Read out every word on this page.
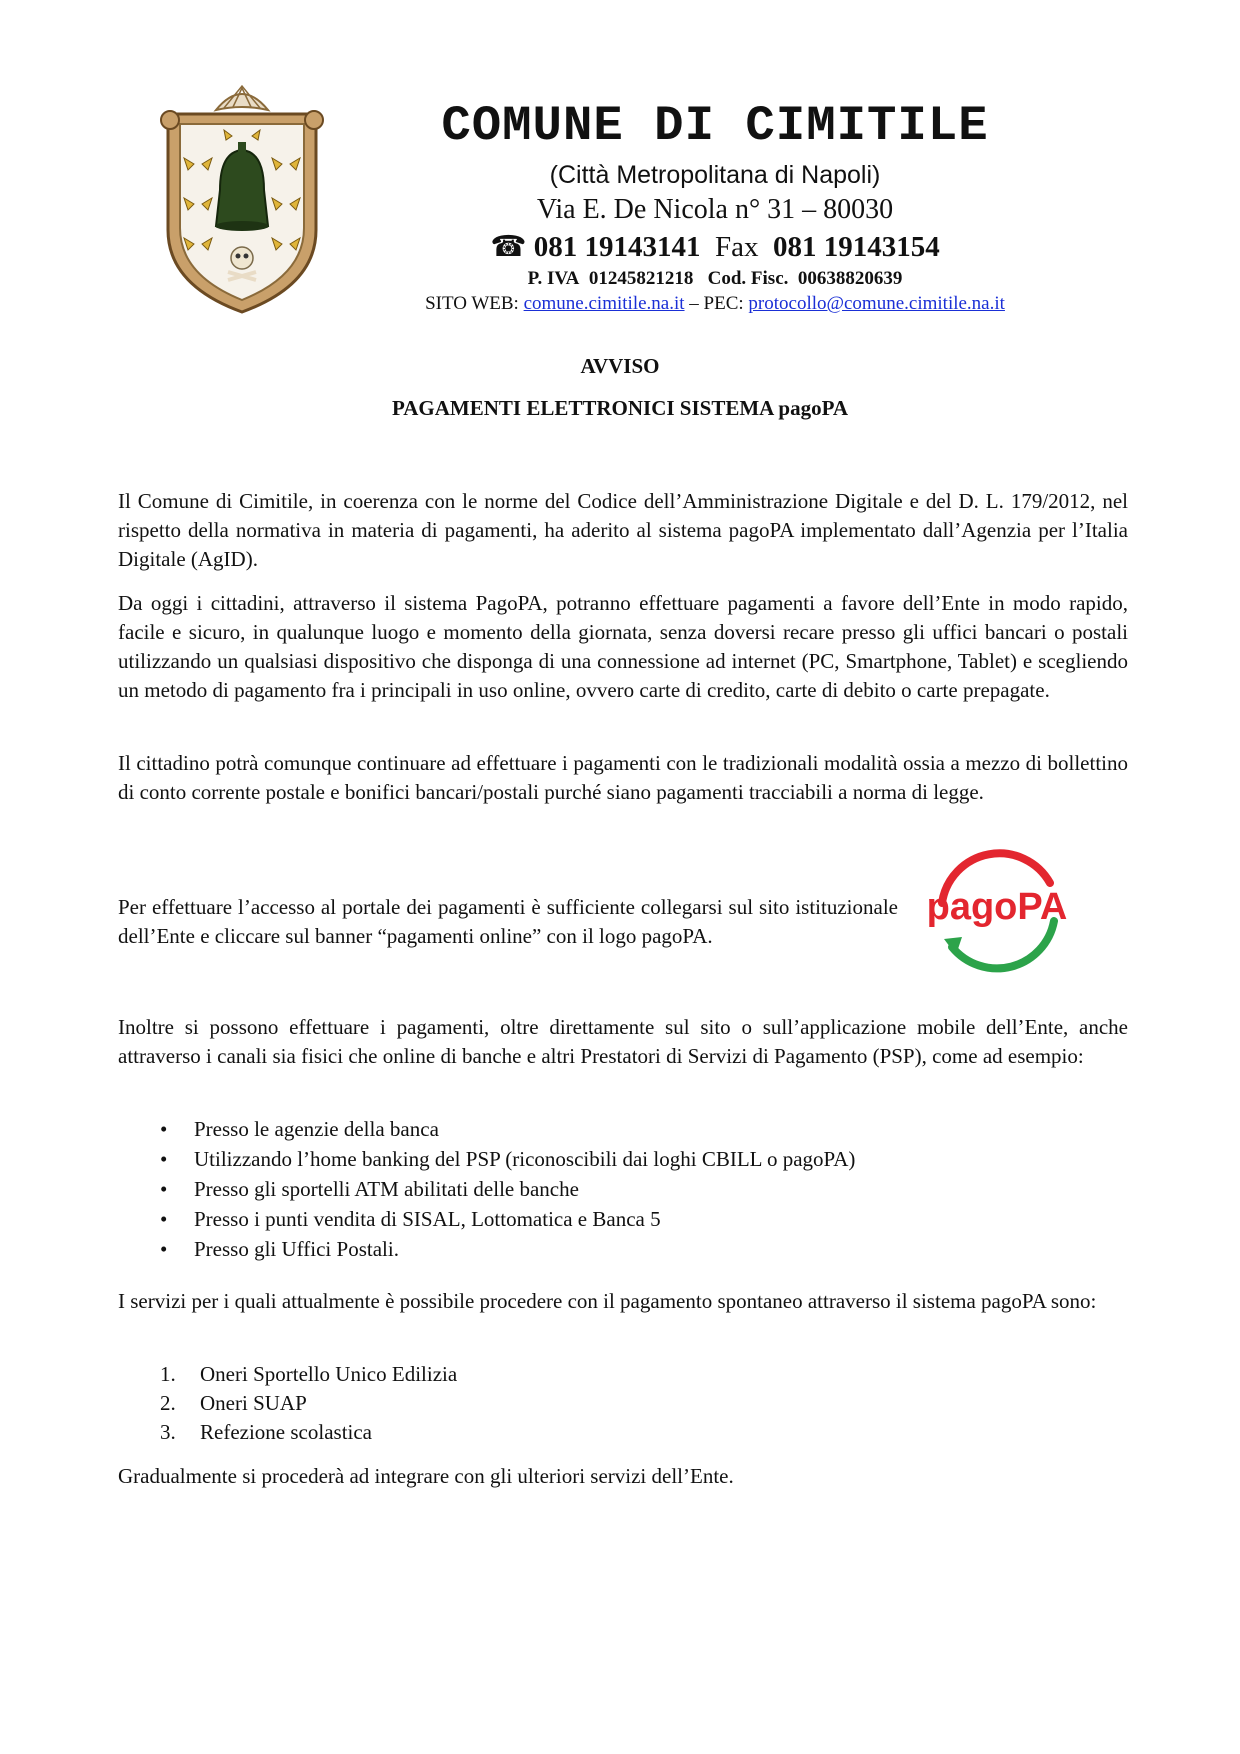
COMUNE DI CIMITILE
(Città Metropolitana di Napoli)
Via E. De Nicola n° 31 – 80030
☎ 081 19143141 Fax 081 19143154
P. IVA 01245821218 Cod. Fisc. 00638820639
SITO WEB: comune.cimitile.na.it – PEC: protocollo@comune.cimitile.na.it
AVVISO
PAGAMENTI ELETTRONICI SISTEMA pagoPA

Il Comune di Cimitile, in coerenza con le norme del Codice dell’Amministrazione Digitale e del D. L. 179/2012, nel rispetto della normativa in materia di pagamenti, ha aderito al sistema pagoPA implementato dall’Agenzia per l’Italia Digitale (AgID).

Da oggi i cittadini, attraverso il sistema PagoPA, potranno effettuare pagamenti a favore dell’Ente in modo rapido, facile e sicuro, in qualunque luogo e momento della giornata, senza doversi recare presso gli uffici bancari o postali utilizzando un qualsiasi dispositivo che disponga di una connessione ad internet (PC, Smartphone, Tablet) e scegliendo un metodo di pagamento fra i principali in uso online, ovvero carte di credito, carte di debito o carte prepagate.

Il cittadino potrà comunque continuare ad effettuare i pagamenti con le tradizionali modalità ossia a mezzo di bollettino di conto corrente postale e bonifici bancari/postali purché siano pagamenti tracciabili a norma di legge.

Per effettuare l’accesso al portale dei pagamenti è sufficiente collegarsi sul sito istituzionale dell’Ente e cliccare sul banner “pagamenti online” con il logo pagoPA.

pagoPA

Inoltre si possono effettuare i pagamenti, oltre direttamente sul sito o sull’applicazione mobile dell’Ente, anche attraverso i canali sia fisici che online di banche e altri Prestatori di Servizi di Pagamento (PSP), come ad esempio:

• Presso le agenzie della banca
• Utilizzando l’home banking del PSP (riconoscibili dai loghi CBILL o pagoPA)
• Presso gli sportelli ATM abilitati delle banche
• Presso i punti vendita di SISAL, Lottomatica e Banca 5
• Presso gli Uffici Postali.

I servizi per i quali attualmente è possibile procedere con il pagamento spontaneo attraverso il sistema pagoPA sono:

1. Oneri Sportello Unico Edilizia
2. Oneri SUAP
3. Refezione scolastica

Gradualmente si procederà ad integrare con gli ulteriori servizi dell’Ente.
